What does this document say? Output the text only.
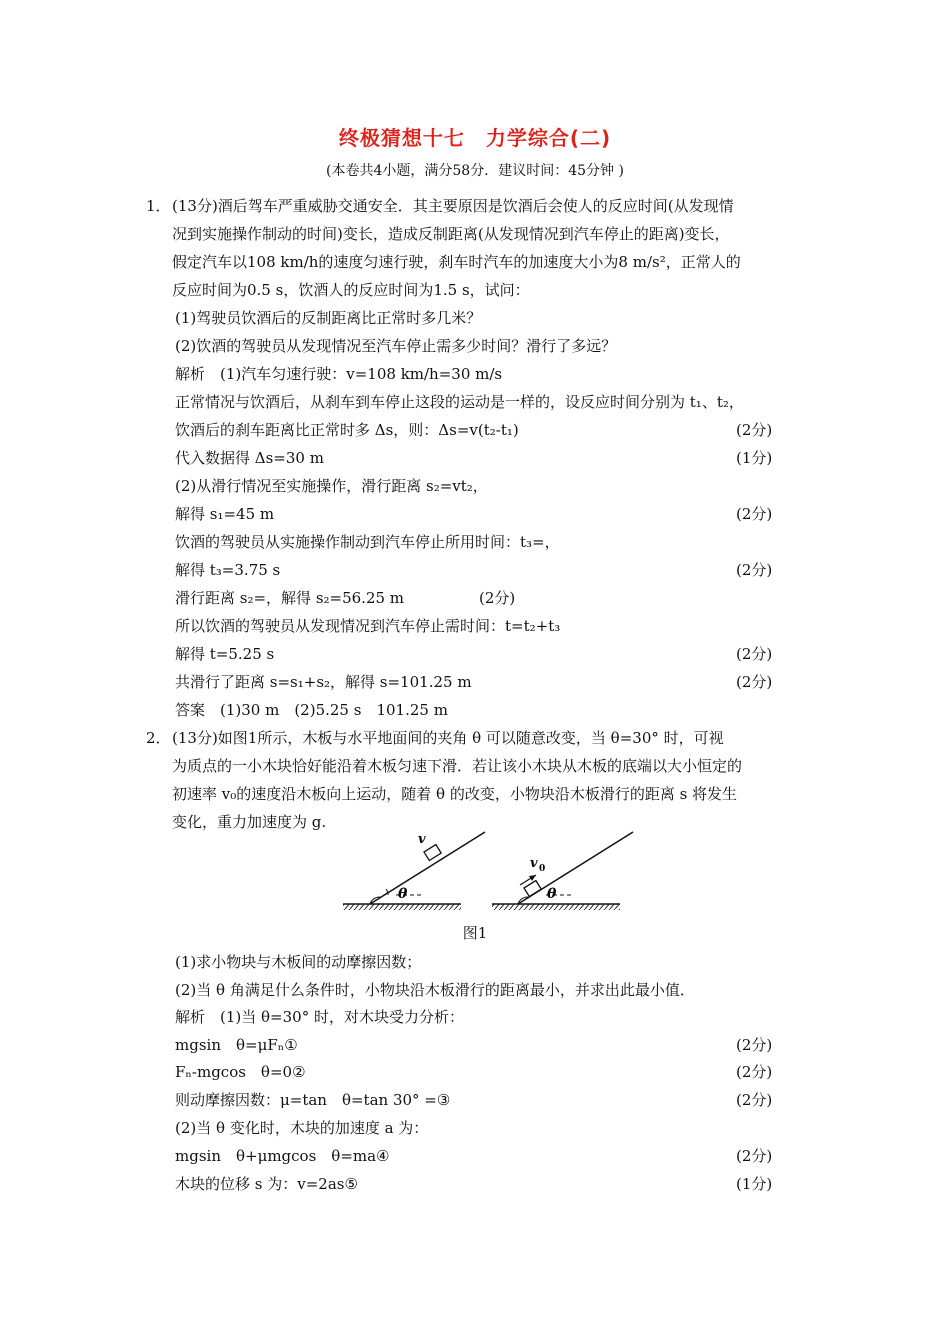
终极猜想十七　力学综合(二)
(本卷共4小题，满分58分．建议时间：45分钟 )
1． (13分)酒后驾车严重威胁交通安全．其主要原因是饮酒后会使人的反应时间(从发现情
况到实施操作制动的时间)变长，造成反制距离(从发现情况到汽车停止的距离)变长，
假定汽车以108 km/h的速度匀速行驶，刹车时汽车的加速度大小为8 m/s²，正常人的
反应时间为0.5 s，饮酒人的反应时间为1.5 s，试问：
(1)驾驶员饮酒后的反制距离比正常时多几米？
(2)饮酒的驾驶员从发现情况至汽车停止需多少时间？滑行了多远？
解析　(1)汽车匀速行驶：v=108 km/h=30 m/s
正常情况与饮酒后，从刹车到车停止这段的运动是一样的，设反应时间分别为 t₁、t₂，
饮酒后的刹车距离比正常时多 Δs，则：Δs=v(t₂-t₁)	(2分)
代入数据得 Δs=30 m	(1分)
(2)从滑行情况至实施操作，滑行距离 s₂=vt₂，
解得 s₁=45 m	(2分)
饮酒的驾驶员从实施操作制动到汽车停止所用时间：t₃=，
解得 t₃=3.75 s	(2分)
滑行距离 s₂=，解得 s₂=56.25 m　　　　　(2分)
所以饮酒的驾驶员从发现情况到汽车停止需时间：t=t₂+t₃
解得 t=5.25 s	(2分)
共滑行了距离 s=s₁+s₂，解得 s=101.25 m	(2分)
答案　(1)30 m　(2)5.25 s　101.25 m
2． (13分)如图1所示，木板与水平地面间的夹角 θ 可以随意改变，当 θ=30° 时，可视
为质点的一小木块恰好能沿着木板匀速下滑．若让该小木块从木板的底端以大小恒定的
初速率 v₀的速度沿木板向上运动，随着 θ 的改变，小物块沿木板滑行的距离 s 将发生
变化，重力加速度为 g.
v
θ
v 0
θ
图1
(1)求小物块与木板间的动摩擦因数；
(2)当 θ 角满足什么条件时，小物块沿木板滑行的距离最小，并求出此最小值．
解析　(1)当 θ=30° 时，对木块受力分析：
mgsin　θ=μFₙ①	(2分)
Fₙ-mgcos　θ=0②	(2分)
则动摩擦因数：μ=tan　θ=tan 30° =③	(2分)
(2)当 θ 变化时，木块的加速度 a 为：
mgsin　θ+μmgcos　θ=ma④	(2分)
木块的位移 s 为：v=2as⑤	(1分)
